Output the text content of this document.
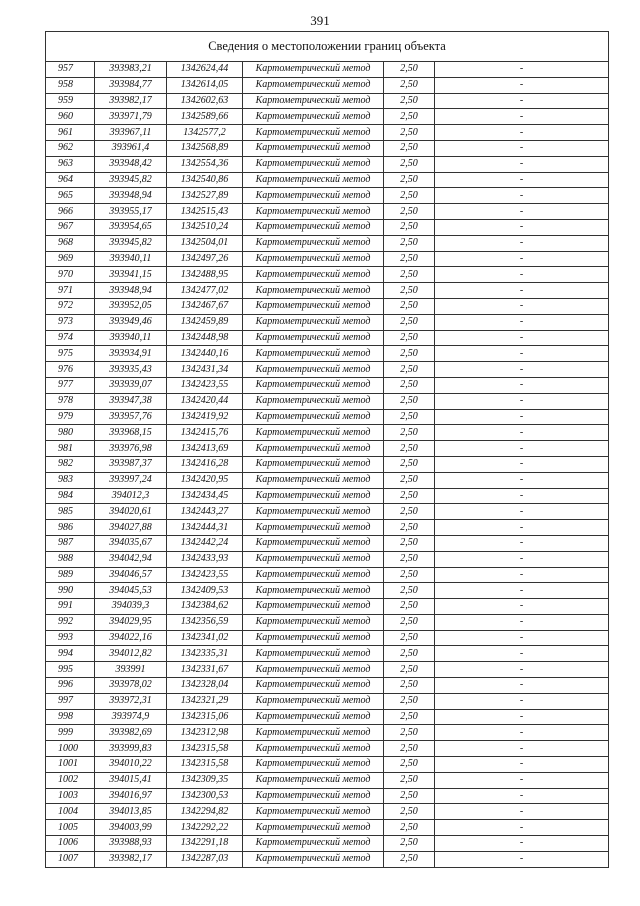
391
Сведения о местоположении границ объекта					
957	393983,21	1342624,44	Картометрический метод	2,50	-
958	393984,77	1342614,05	Картометрический метод	2,50	-
959	393982,17	1342602,63	Картометрический метод	2,50	-
960	393971,79	1342589,66	Картометрический метод	2,50	-
961	393967,11	1342577,2	Картометрический метод	2,50	-
962	393961,4	1342568,89	Картометрический метод	2,50	-
963	393948,42	1342554,36	Картометрический метод	2,50	-
964	393945,82	1342540,86	Картометрический метод	2,50	-
965	393948,94	1342527,89	Картометрический метод	2,50	-
966	393955,17	1342515,43	Картометрический метод	2,50	-
967	393954,65	1342510,24	Картометрический метод	2,50	-
968	393945,82	1342504,01	Картометрический метод	2,50	-
969	393940,11	1342497,26	Картометрический метод	2,50	-
970	393941,15	1342488,95	Картометрический метод	2,50	-
971	393948,94	1342477,02	Картометрический метод	2,50	-
972	393952,05	1342467,67	Картометрический метод	2,50	-
973	393949,46	1342459,89	Картометрический метод	2,50	-
974	393940,11	1342448,98	Картометрический метод	2,50	-
975	393934,91	1342440,16	Картометрический метод	2,50	-
976	393935,43	1342431,34	Картометрический метод	2,50	-
977	393939,07	1342423,55	Картометрический метод	2,50	-
978	393947,38	1342420,44	Картометрический метод	2,50	-
979	393957,76	1342419,92	Картометрический метод	2,50	-
980	393968,15	1342415,76	Картометрический метод	2,50	-
981	393976,98	1342413,69	Картометрический метод	2,50	-
982	393987,37	1342416,28	Картометрический метод	2,50	-
983	393997,24	1342420,95	Картометрический метод	2,50	-
984	394012,3	1342434,45	Картометрический метод	2,50	-
985	394020,61	1342443,27	Картометрический метод	2,50	-
986	394027,88	1342444,31	Картометрический метод	2,50	-
987	394035,67	1342442,24	Картометрический метод	2,50	-
988	394042,94	1342433,93	Картометрический метод	2,50	-
989	394046,57	1342423,55	Картометрический метод	2,50	-
990	394045,53	1342409,53	Картометрический метод	2,50	-
991	394039,3	1342384,62	Картометрический метод	2,50	-
992	394029,95	1342356,59	Картометрический метод	2,50	-
993	394022,16	1342341,02	Картометрический метод	2,50	-
994	394012,82	1342335,31	Картометрический метод	2,50	-
995	393991	1342331,67	Картометрический метод	2,50	-
996	393978,02	1342328,04	Картометрический метод	2,50	-
997	393972,31	1342321,29	Картометрический метод	2,50	-
998	393974,9	1342315,06	Картометрический метод	2,50	-
999	393982,69	1342312,98	Картометрический метод	2,50	-
1000	393999,83	1342315,58	Картометрический метод	2,50	-
1001	394010,22	1342315,58	Картометрический метод	2,50	-
1002	394015,41	1342309,35	Картометрический метод	2,50	-
1003	394016,97	1342300,53	Картометрический метод	2,50	-
1004	394013,85	1342294,82	Картометрический метод	2,50	-
1005	394003,99	1342292,22	Картометрический метод	2,50	-
1006	393988,93	1342291,18	Картометрический метод	2,50	-
1007	393982,17	1342287,03	Картометрический метод	2,50	-
